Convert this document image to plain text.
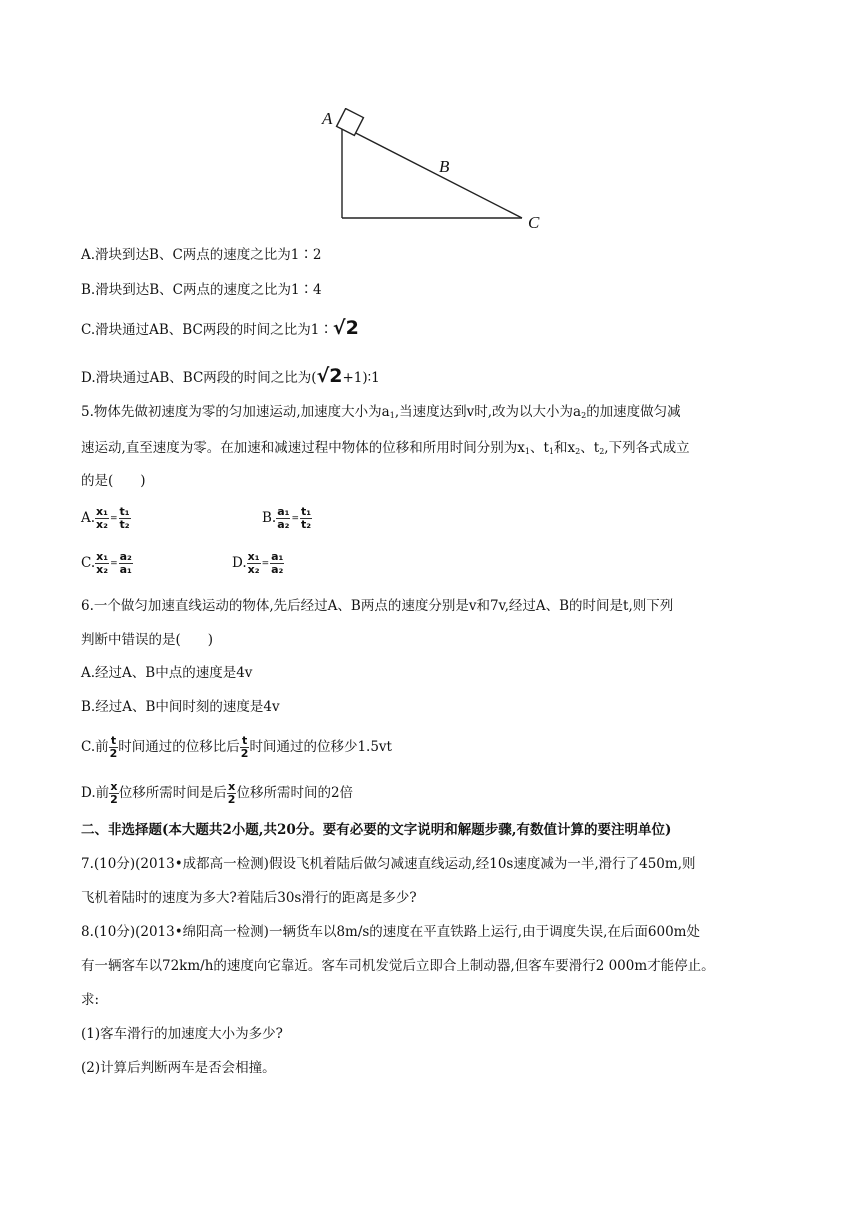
A
B
C
A.滑块到达B、C两点的速度之比为1∶2
B.滑块到达B、C两点的速度之比为1∶4
C.滑块通过AB、BC两段的时间之比为1∶√2
D.滑块通过AB、BC两段的时间之比为(√2+1)∶1
5.物体先做初速度为零的匀加速运动,加速度大小为$a_1$,当速度达到v时,改为以大小为$a_2$的加速度做匀减
速运动,直至速度为零。在加速和减速过程中物体的位移和所用时间分别为$x_1$、$t_1$和$x_2$、$t_2$,下列各式成立
的是(　　)
A. $\frac{\text{x₁}}{\text{x₂}} = \frac{\text{t₁}}{\text{t₂}}$	B. $\frac{\text{a₁}}{\text{a₂}} = \frac{\text{t₁}}{\text{t₂}}$
C. $\frac{\text{x₁}}{\text{x₂}} = \frac{\text{a₂}}{\text{a₁}}$	D. $\frac{\text{x₁}}{\text{x₂}} = \frac{\text{a₁}}{\text{a₂}}$
6.一个做匀加速直线运动的物体,先后经过A、B两点的速度分别是v和7v,经过A、B的时间是t,则下列
判断中错误的是(　　)
A.经过A、B中点的速度是4v
B.经过A、B中间时刻的速度是4v
C.前 $\frac{t}{2}$ 时间通过的位移比后 $\frac{t}{2}$ 时间通过的位移少1.5vt
D.前 $\frac{x}{2}$ 位移所需时间是后 $\frac{x}{2}$ 位移所需时间的2倍
二、非选择题(本大题共2小题,共20分。要有必要的文字说明和解题步骤,有数值计算的要注明单位)
7.(10分)(2013•成都高一检测)假设飞机着陆后做匀减速直线运动,经10s速度减为一半,滑行了450m,则
飞机着陆时的速度为多大?着陆后30s滑行的距离是多少?
8.(10分)(2013•绵阳高一检测)一辆货车以8m/s的速度在平直铁路上运行,由于调度失误,在后面600m处
有一辆客车以72km/h的速度向它靠近。客车司机发觉后立即合上制动器,但客车要滑行2 000m才能停止。
求:
(1)客车滑行的加速度大小为多少?
(2)计算后判断两车是否会相撞。
